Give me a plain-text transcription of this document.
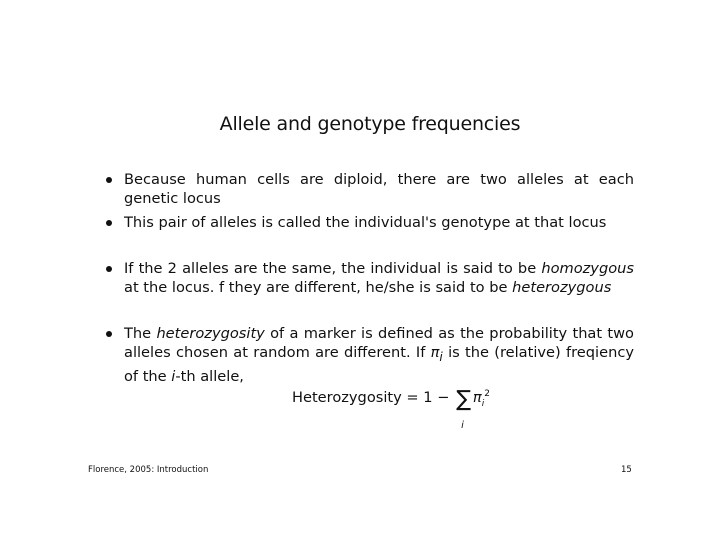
Allele and genotype frequencies

Because human cells are diploid, there are two alleles at each genetic locus

This pair of alleles is called the individual's genotype at that locus

If the 2 alleles are the same, the individual is said to be homozygous at the locus. f they are different, he/she is said to be heterozygous

The heterozygosity of a marker is defined as the probability that two alleles chosen at random are different. If $\pi_i$ is the (relative) freqiency of the i-th allele,

Heterozygosity = 1 − ∑
i
$\pi_i^2$
Florence, 2005: Introduction	15
